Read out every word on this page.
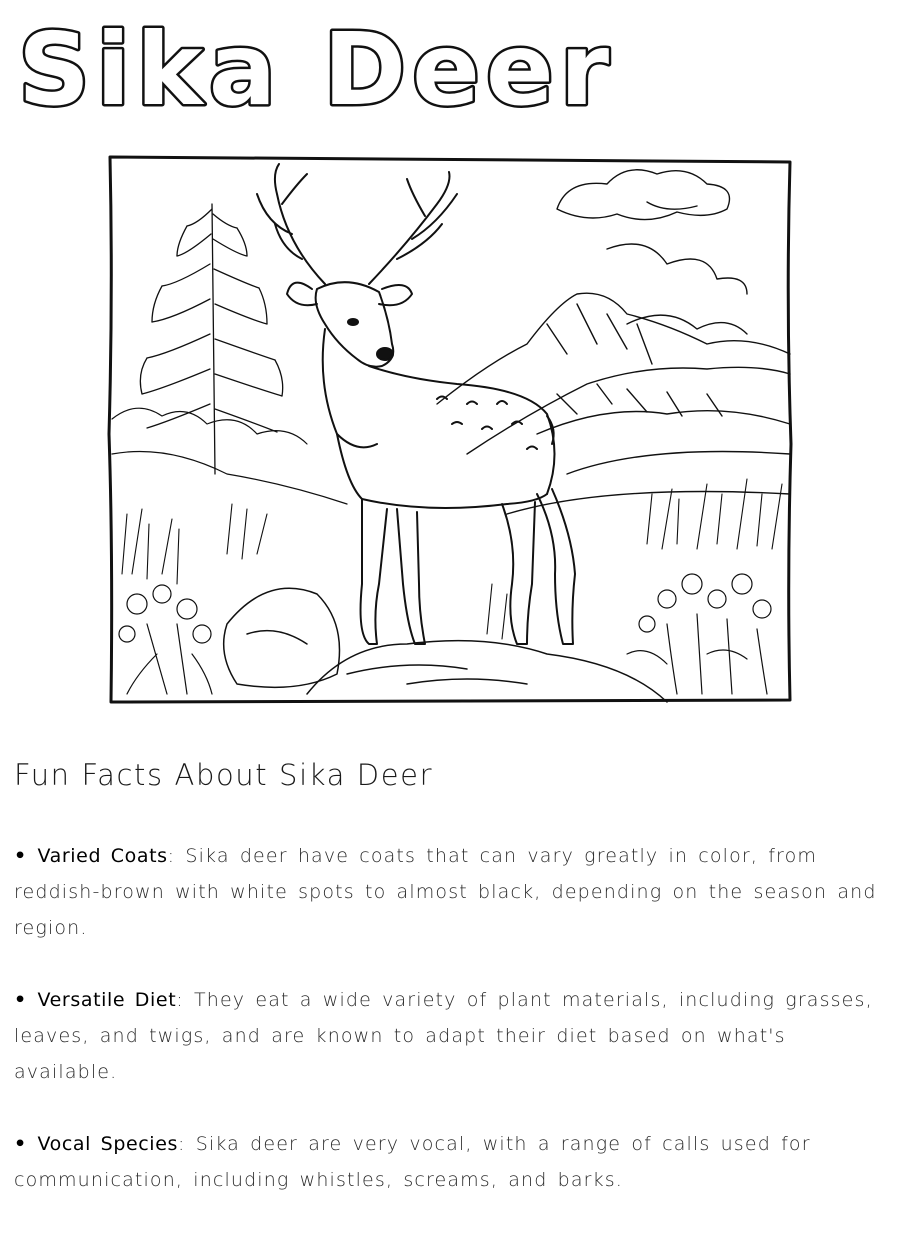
Sika Deer
Fun Facts About Sika Deer
• Varied Coats: Sika deer have coats that can vary greatly in color, from reddish-brown with white spots to almost black, depending on the season and region.
• Versatile Diet: They eat a wide variety of plant materials, including grasses, leaves, and twigs, and are known to adapt their diet based on what's available.
• Vocal Species: Sika deer are very vocal, with a range of calls used for communication, including whistles, screams, and barks.
